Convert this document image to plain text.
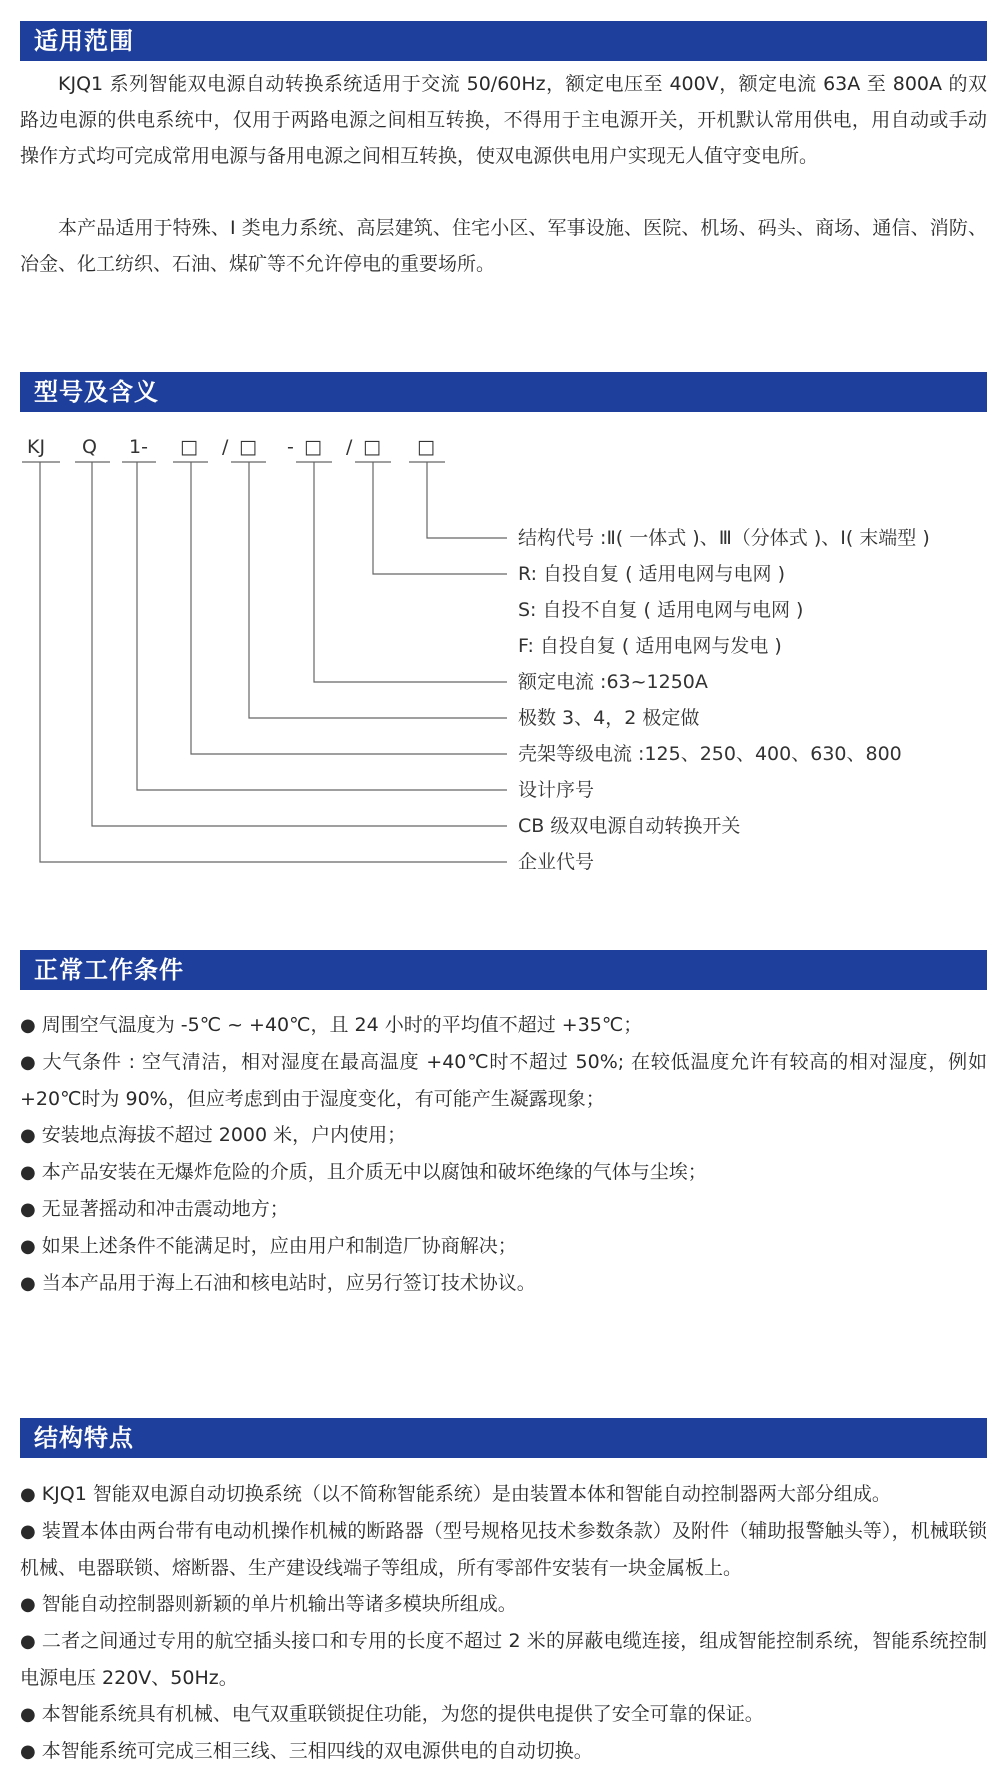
适用范围

KJQ1 系列智能双电源自动转换系统适用于交流 50/60Hz，额定电压至 400V，额定电流 63A 至 800A 的双路边电源的供电系统中，仅用于两路电源之间相互转换，不得用于主电源开关，开机默认常用供电，用自动或手动操作方式均可完成常用电源与备用电源之间相互转换，使双电源供电用户实现无人值守变电所。

本产品适用于特殊、I 类电力系统、高层建筑、住宅小区、军事设施、医院、机场、码头、商场、通信、消防、冶金、化工纺织、石油、煤矿等不允许停电的重要场所。

型号及含义
KJ Q 1- □ / □ - □ / □ □
结构代号 :Ⅱ( 一体式 )、Ⅲ（分体式 )、I( 末端型 )
R: 自投自复 ( 适用电网与电网 )
S: 自投不自复 ( 适用电网与电网 )
F: 自投自复 ( 适用电网与发电 )
额定电流 :63~1250A
极数 3、4，2 极定做
壳架等级电流 :125、250、400、630、800
设计序号
CB 级双电源自动转换开关
企业代号
正常工作条件
● 周围空气温度为 -5℃ ~ +40℃，且 24 小时的平均值不超过 +35℃；
● 大气条件 : 空气清洁，相对湿度在最高温度 +40℃时不超过 50%; 在较低温度允许有较高的相对湿度，例如 +20℃时为 90%，但应考虑到由于湿度变化，有可能产生凝露现象；
● 安装地点海拔不超过 2000 米，户内使用；
● 本产品安装在无爆炸危险的介质，且介质无中以腐蚀和破坏绝缘的气体与尘埃；
● 无显著摇动和冲击震动地方；
● 如果上述条件不能满足时，应由用户和制造厂协商解决；
● 当本产品用于海上石油和核电站时，应另行签订技术协议。
结构特点
● KJQ1 智能双电源自动切换系统（以不简称智能系统）是由装置本体和智能自动控制器两大部分组成。
● 装置本体由两台带有电动机操作机械的断路器（型号规格见技术参数条款）及附件（辅助报警触头等），机械联锁机械、电器联锁、熔断器、生产建设线端子等组成，所有零部件安装有一块金属板上。
● 智能自动控制器则新颖的单片机输出等诸多模块所组成。
● 二者之间通过专用的航空插头接口和专用的长度不超过 2 米的屏蔽电缆连接，组成智能控制系统，智能系统控制电源电压 220V、50Hz。
● 本智能系统具有机械、电气双重联锁捉住功能，为您的提供电提供了安全可靠的保证。
● 本智能系统可完成三相三线、三相四线的双电源供电的自动切换。
